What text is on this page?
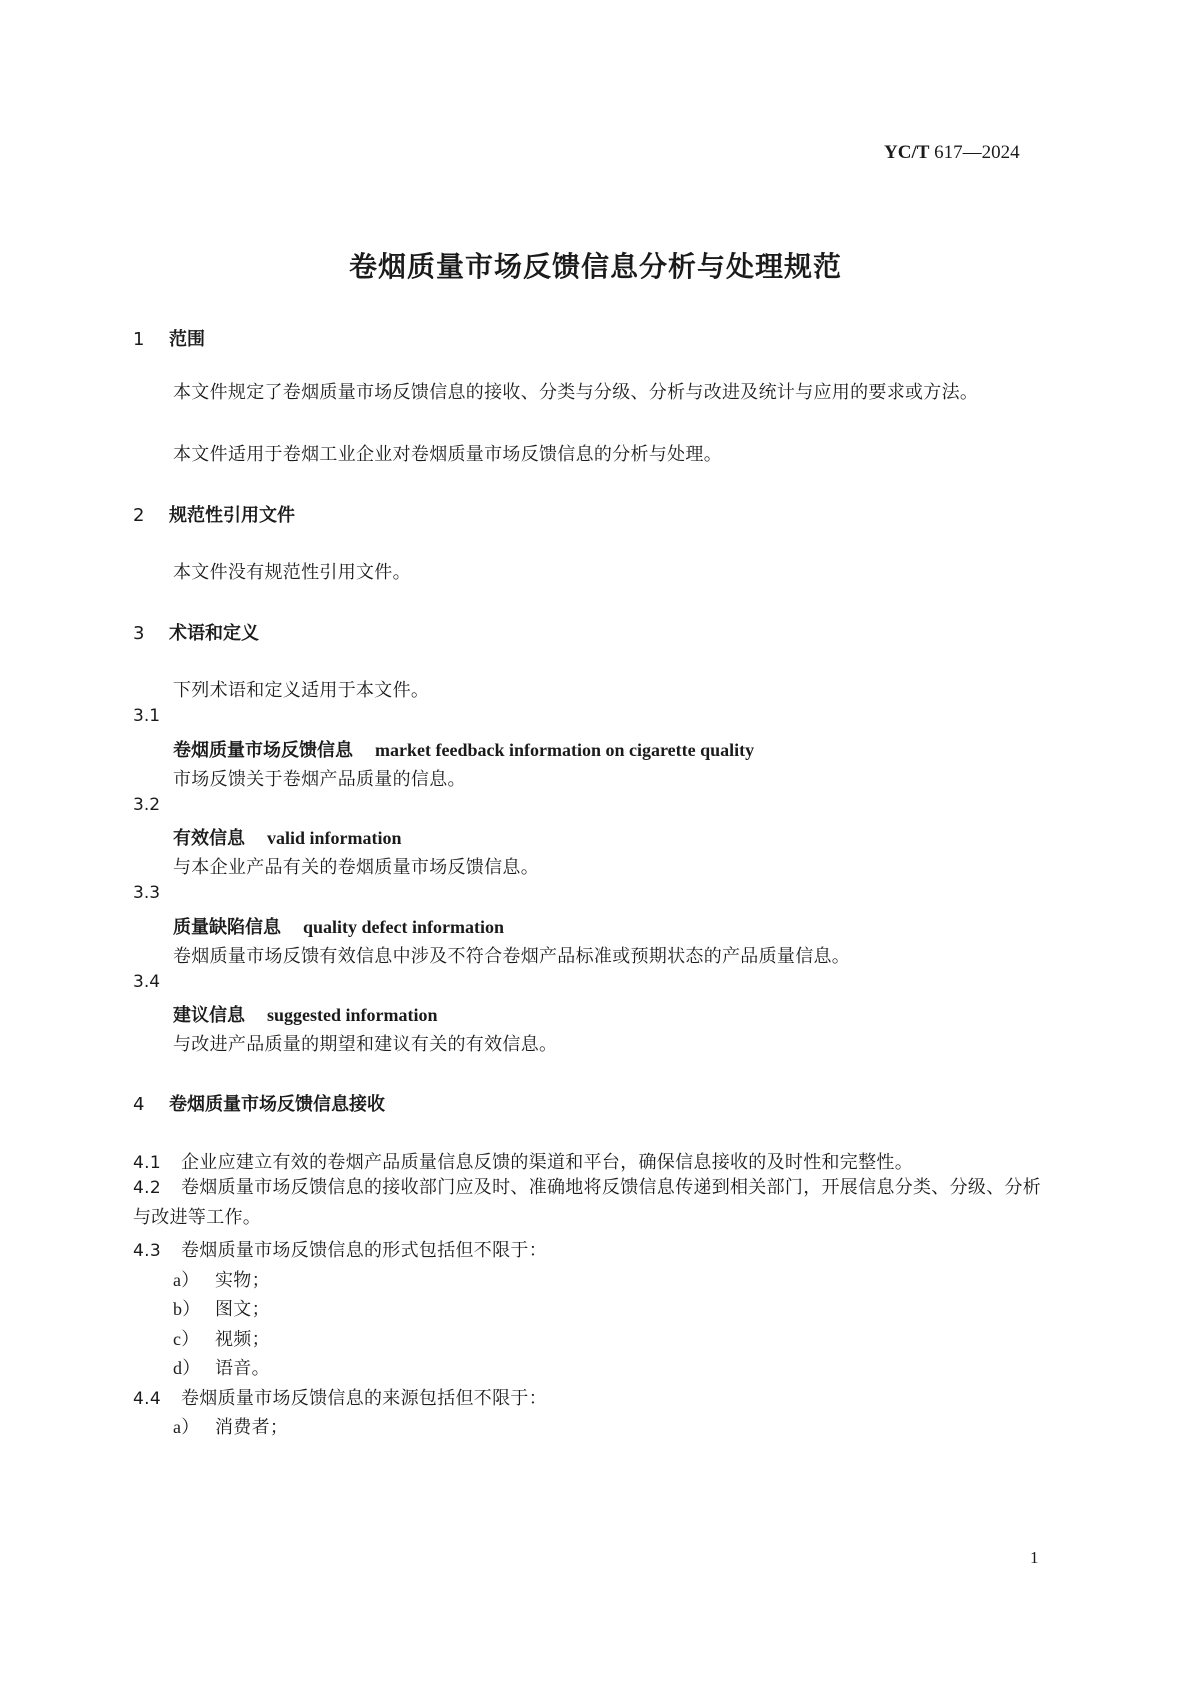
YC/T 617—2024
卷烟质量市场反馈信息分析与处理规范
1 范围
本文件规定了卷烟质量市场反馈信息的接收、分类与分级、分析与改进及统计与应用的要求或方法。
本文件适用于卷烟工业企业对卷烟质量市场反馈信息的分析与处理。
2 规范性引用文件
本文件没有规范性引用文件。
3 术语和定义
下列术语和定义适用于本文件。
3.1
卷烟质量市场反馈信息 market feedback information on cigarette quality
市场反馈关于卷烟产品质量的信息。
3.2
有效信息 valid information
与本企业产品有关的卷烟质量市场反馈信息。
3.3
质量缺陷信息 quality defect information
卷烟质量市场反馈有效信息中涉及不符合卷烟产品标准或预期状态的产品质量信息。
3.4
建议信息 suggested information
与改进产品质量的期望和建议有关的有效信息。
4 卷烟质量市场反馈信息接收
4.1 企业应建立有效的卷烟产品质量信息反馈的渠道和平台，确保信息接收的及时性和完整性。
4.2 卷烟质量市场反馈信息的接收部门应及时、准确地将反馈信息传递到相关部门，开展信息分类、分级、分析与改进等工作。
4.3 卷烟质量市场反馈信息的形式包括但不限于：
a） 实物；
b） 图文；
c） 视频；
d） 语音。
4.4 卷烟质量市场反馈信息的来源包括但不限于：
a） 消费者；
1
